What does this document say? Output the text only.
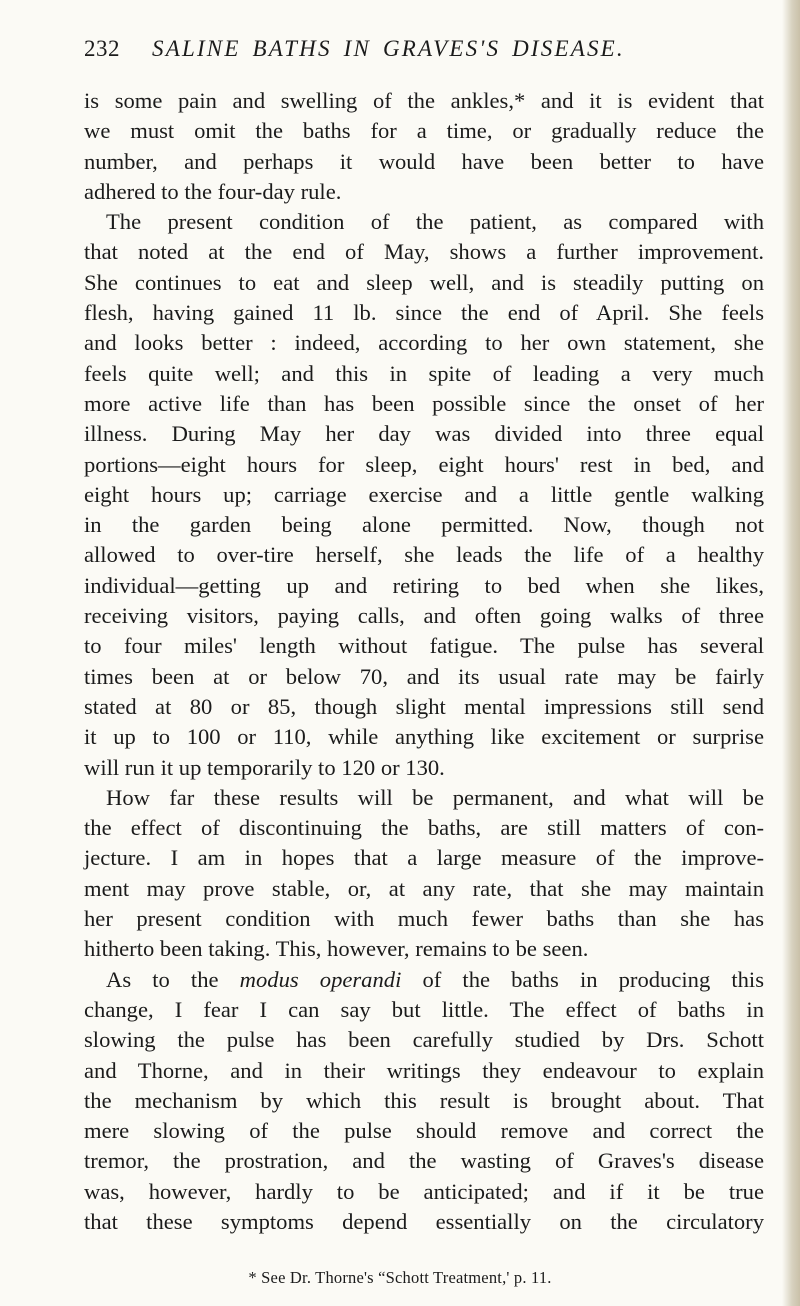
232 SALINE BATHS IN GRAVES'S DISEASE.
is some pain and swelling of the ankles,* and it is evident that
we must omit the baths for a time, or gradually reduce the
number, and perhaps it would have been better to have
adhered to the four-day rule.
The present condition of the patient, as compared with
that noted at the end of May, shows a further improvement.
She continues to eat and sleep well, and is steadily putting on
flesh, having gained 11 lb. since the end of April. She feels
and looks better : indeed, according to her own statement, she
feels quite well; and this in spite of leading a very much
more active life than has been possible since the onset of her
illness. During May her day was divided into three equal
portions—eight hours for sleep, eight hours' rest in bed, and
eight hours up; carriage exercise and a little gentle walking
in the garden being alone permitted. Now, though not
allowed to over-tire herself, she leads the life of a healthy
individual—getting up and retiring to bed when she likes,
receiving visitors, paying calls, and often going walks of three
to four miles' length without fatigue. The pulse has several
times been at or below 70, and its usual rate may be fairly
stated at 80 or 85, though slight mental impressions still send
it up to 100 or 110, while anything like excitement or surprise
will run it up temporarily to 120 or 130.
How far these results will be permanent, and what will be
the effect of discontinuing the baths, are still matters of con-
jecture. I am in hopes that a large measure of the improve-
ment may prove stable, or, at any rate, that she may maintain
her present condition with much fewer baths than she has
hitherto been taking. This, however, remains to be seen.
As to the modus operandi of the baths in producing this
change, I fear I can say but little. The effect of baths in
slowing the pulse has been carefully studied by Drs. Schott
and Thorne, and in their writings they endeavour to explain
the mechanism by which this result is brought about. That
mere slowing of the pulse should remove and correct the
tremor, the prostration, and the wasting of Graves's disease
was, however, hardly to be anticipated; and if it be true
that these symptoms depend essentially on the circulatory
* See Dr. Thorne's “Schott Treatment,' p. 11.
